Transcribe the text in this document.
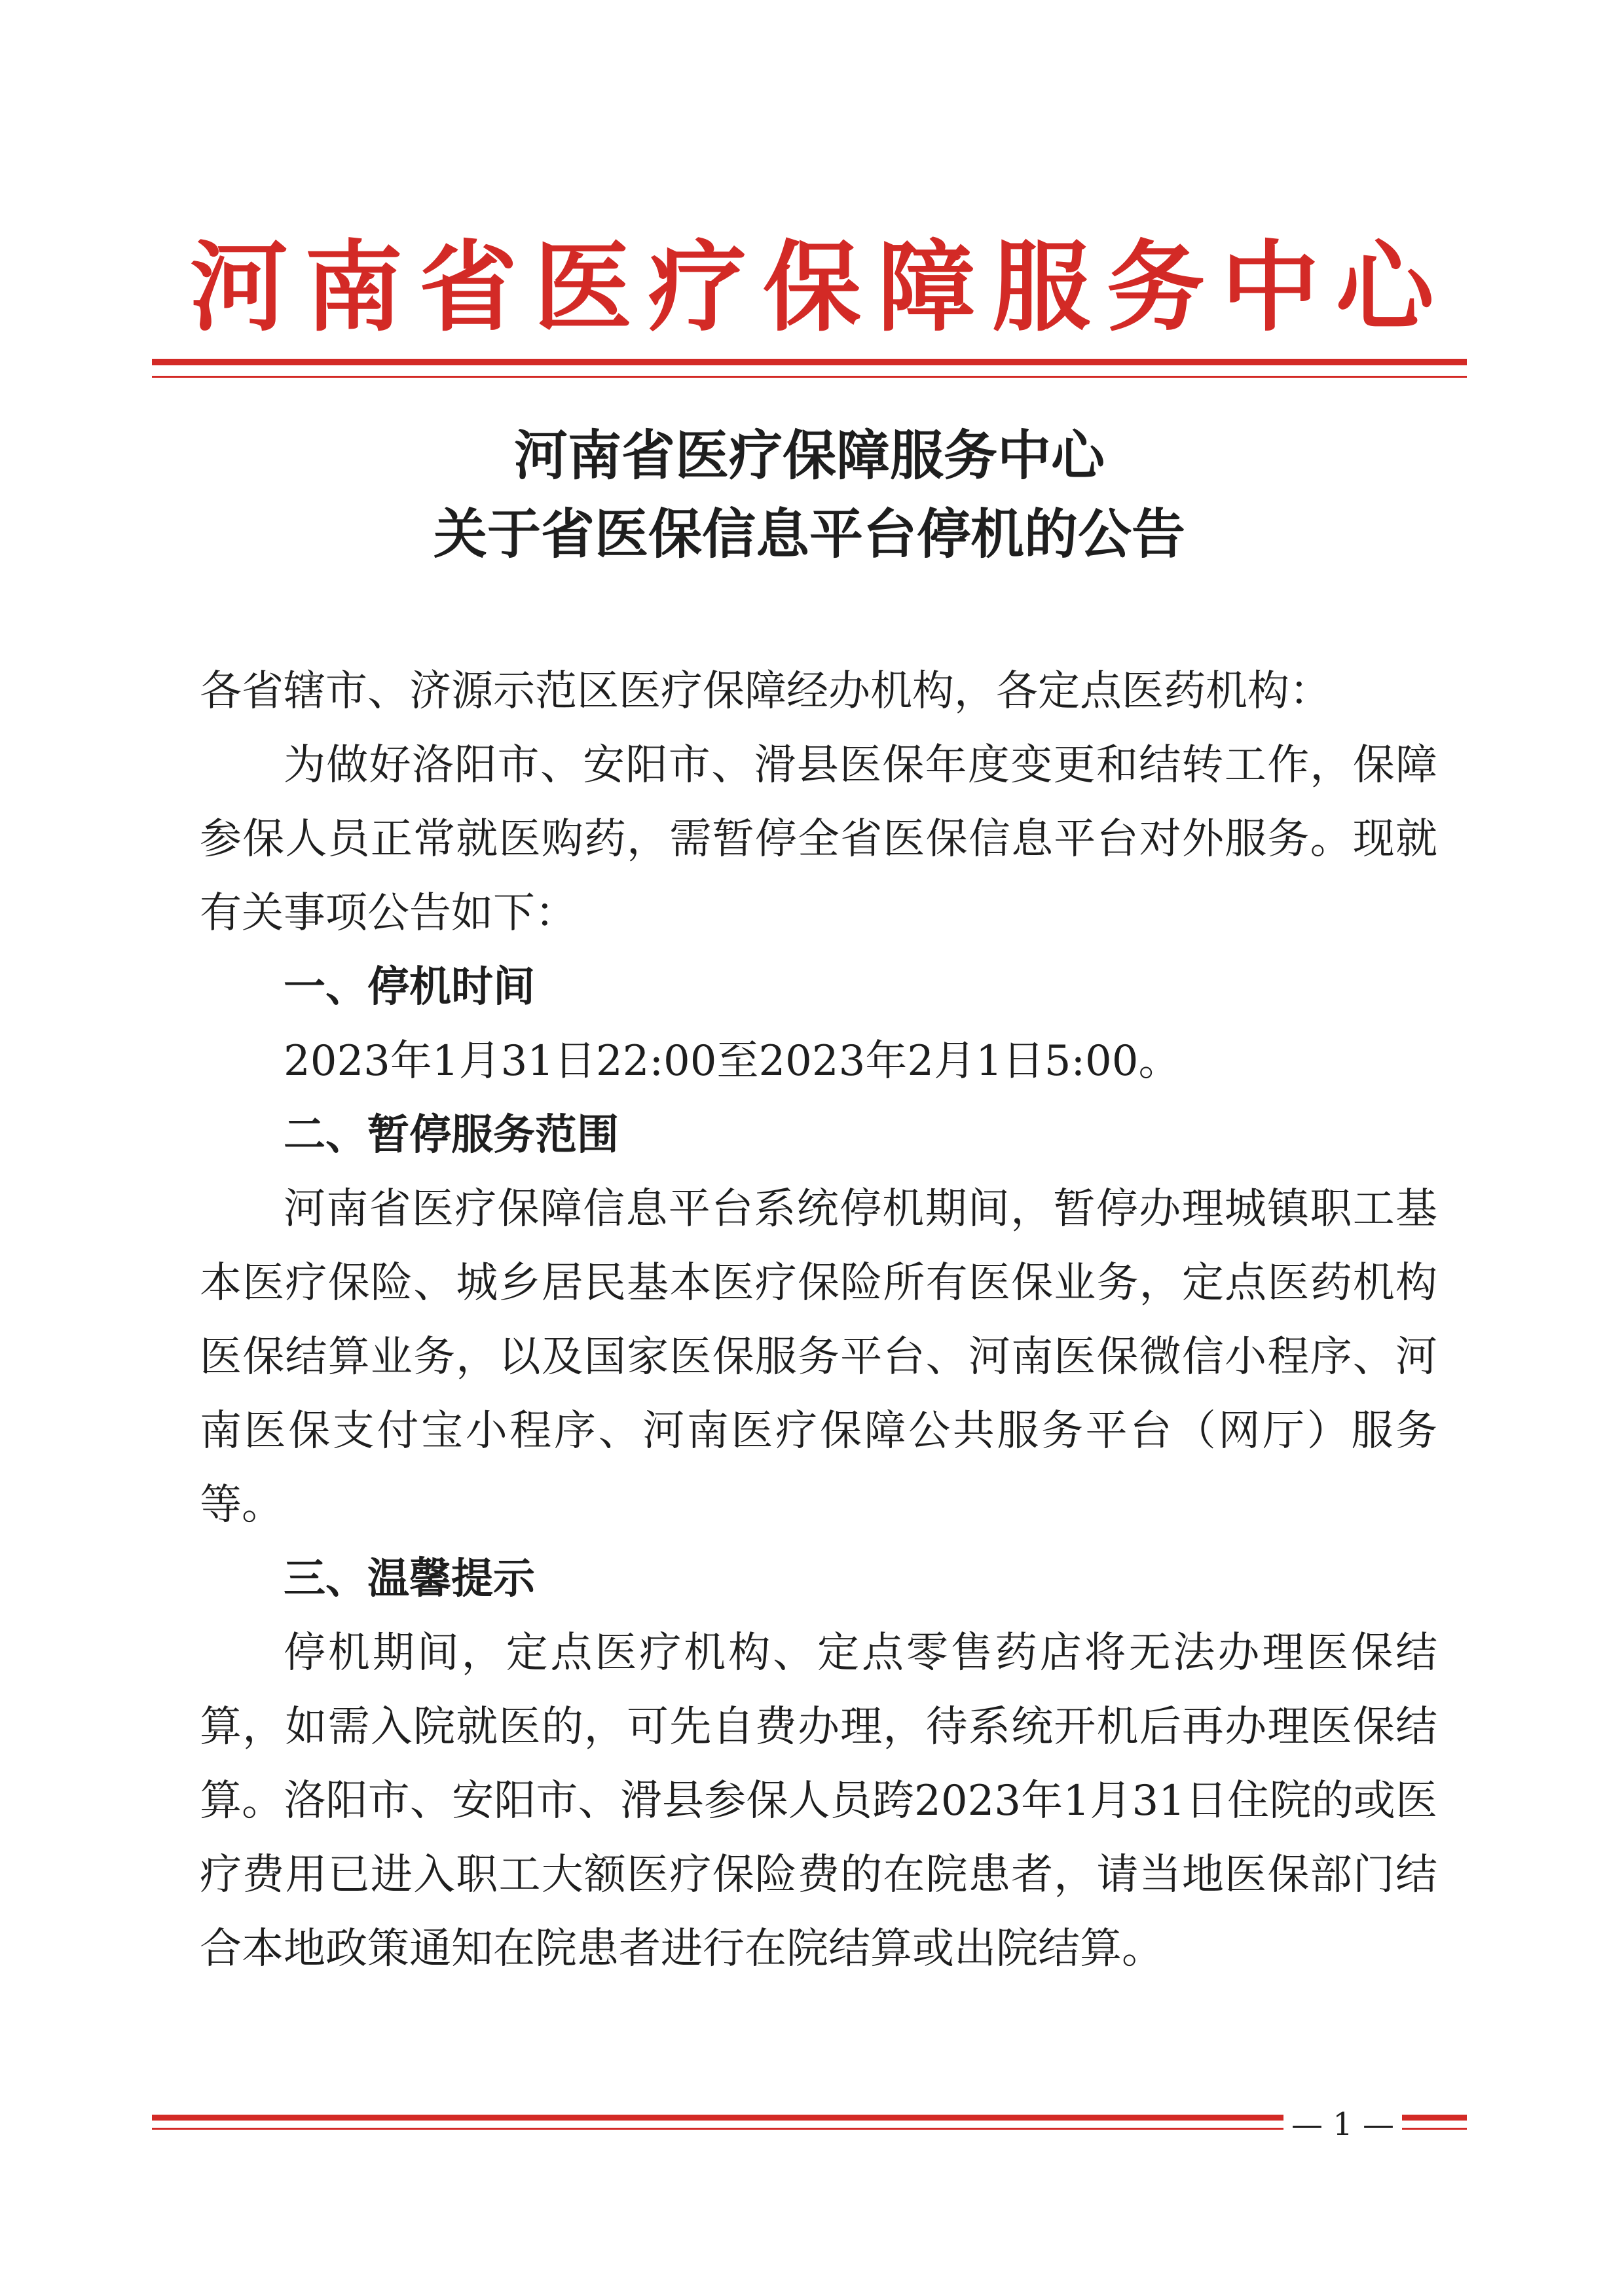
河 南 省 医 疗 保 障 服 务 中 心
河南省医疗保障服务中心
关于省医保信息平台停机的公告

各省辖市、济源示范区医疗保障经办机构，各定点医药机构：

为做好洛阳市、安阳市、滑县医保年度变更和结转工作，保障参保人员正常就医购药，需暂停全省医保信息平台对外服务。现就有关事项公告如下：

一、停机时间

2023年1月31日22:00至2023年2月1日5:00。

二、暂停服务范围

河南省医疗保障信息平台系统停机期间，暂停办理城镇职工基本医疗保险、城乡居民基本医疗保险所有医保业务，定点医药机构医保结算业务，以及国家医保服务平台、河南医保微信小程序、河南医保支付宝小程序、河南医疗保障公共服务平台（网厅）服务等。

三、温馨提示

停机期间，定点医疗机构、定点零售药店将无法办理医保结算，如需入院就医的，可先自费办理，待系统开机后再办理医保结算。洛阳市、安阳市、滑县参保人员跨2023年1月31日住院的或医疗费用已进入职工大额医疗保险费的在院患者，请当地医保部门结合本地政策通知在院患者进行在院结算或出院结算。

— 1 —
